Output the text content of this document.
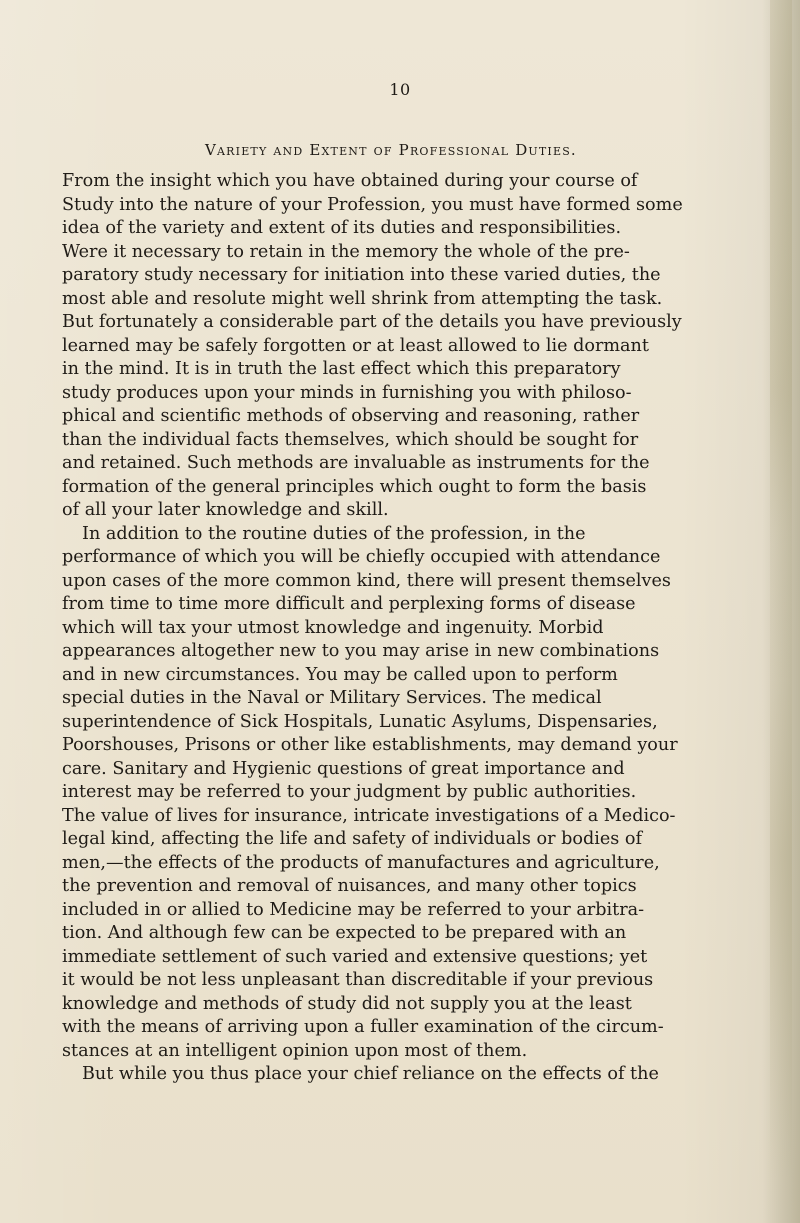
10
Variety and Extent of Professional Duties.
From the insight which you have obtained during your course of
Study into the nature of your Profession, you must have formed some
idea of the variety and extent of its duties and responsibilities.
Were it necessary to retain in the memory the whole of the pre-
paratory study necessary for initiation into these varied duties, the
most able and resolute might well shrink from attempting the task.
But fortunately a considerable part of the details you have previously
learned may be safely forgotten or at least allowed to lie dormant
in the mind. It is in truth the last effect which this preparatory
study produces upon your minds in furnishing you with philoso-
phical and scientific methods of observing and reasoning, rather
than the individual facts themselves, which should be sought for
and retained. Such methods are invaluable as instruments for the
formation of the general principles which ought to form the basis
of all your later knowledge and skill.
In addition to the routine duties of the profession, in the
performance of which you will be chiefly occupied with attendance
upon cases of the more common kind, there will present themselves
from time to time more difficult and perplexing forms of disease
which will tax your utmost knowledge and ingenuity. Morbid
appearances altogether new to you may arise in new combinations
and in new circumstances. You may be called upon to perform
special duties in the Naval or Military Services. The medical
superintendence of Sick Hospitals, Lunatic Asylums, Dispensaries,
Poorshouses, Prisons or other like establishments, may demand your
care. Sanitary and Hygienic questions of great importance and
interest may be referred to your judgment by public authorities.
The value of lives for insurance, intricate investigations of a Medico-
legal kind, affecting the life and safety of individuals or bodies of
men,—the effects of the products of manufactures and agriculture,
the prevention and removal of nuisances, and many other topics
included in or allied to Medicine may be referred to your arbitra-
tion. And although few can be expected to be prepared with an
immediate settlement of such varied and extensive questions; yet
it would be not less unpleasant than discreditable if your previous
knowledge and methods of study did not supply you at the least
with the means of arriving upon a fuller examination of the circum-
stances at an intelligent opinion upon most of them.
But while you thus place your chief reliance on the effects of the
